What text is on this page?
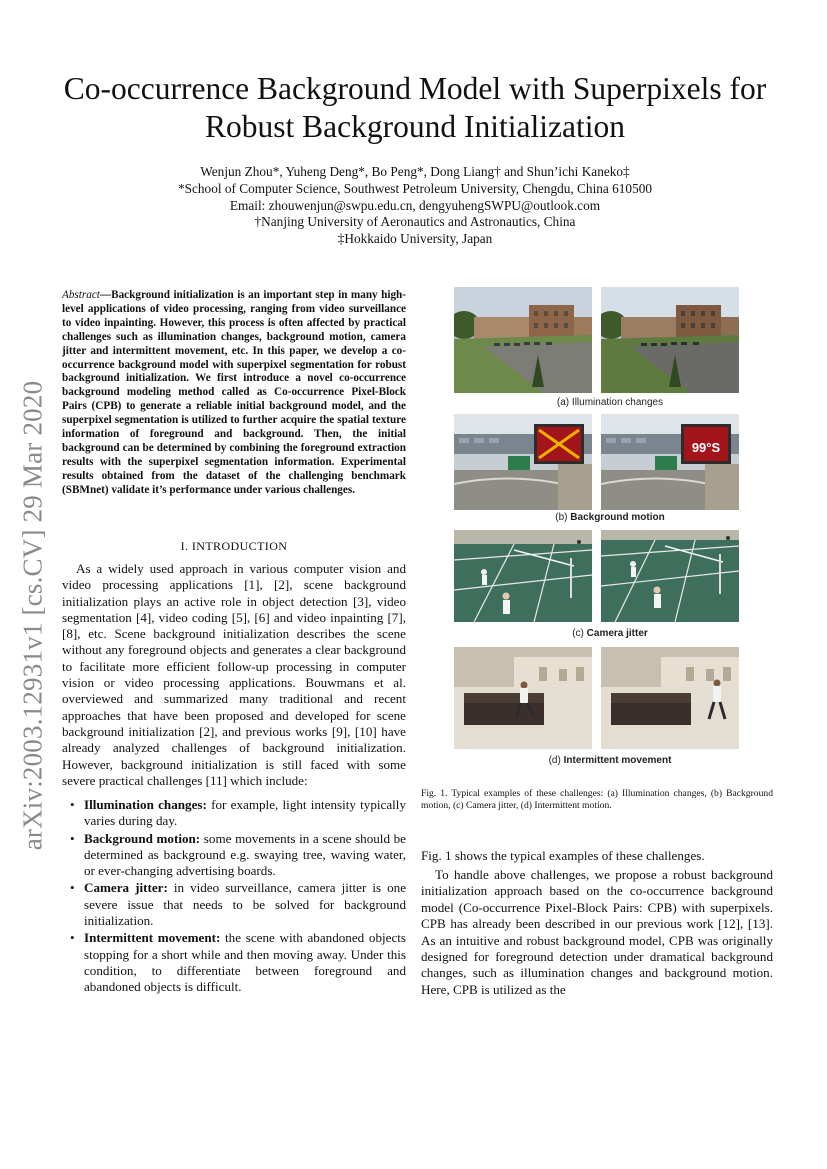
arXiv:2003.12931v1 [cs.CV] 29 Mar 2020
Co-occurrence Background Model with Superpixels for Robust Background Initialization
Wenjun Zhou*, Yuheng Deng*, Bo Peng*, Dong Liang† and Shun’ichi Kaneko‡
*School of Computer Science, Southwest Petroleum University, Chengdu, China 610500
Email: zhouwenjun@swpu.edu.cn, dengyuhengSWPU@outlook.com
†Nanjing University of Aeronautics and Astronautics, China
‡Hokkaido University, Japan
Abstract—Background initialization is an important step in many high-level applications of video processing, ranging from video surveillance to video inpainting. However, this process is often affected by practical challenges such as illumination changes, background motion, camera jitter and intermittent movement, etc. In this paper, we develop a co-occurrence background model with superpixel segmentation for robust background initialization. We first introduce a novel co-occurrence background modeling method called as Co-occurrence Pixel-Block Pairs (CPB) to generate a reliable initial background model, and the superpixel segmentation is utilized to further acquire the spatial texture information of foreground and background. Then, the initial background can be determined by combining the foreground extraction results with the superpixel segmentation information. Experimental results obtained from the dataset of the challenging benchmark (SBMnet) validate it’s performance under various challenges.
I. INTRODUCTION
As a widely used approach in various computer vision and video processing applications [1], [2], scene background initialization plays an active role in object detection [3], video segmentation [4], video coding [5], [6] and video inpainting [7], [8], etc. Scene background initialization describes the scene without any foreground objects and generates a clear background to facilitate more efficient follow-up processing in computer vision or video processing applications. Bouwmans et al. overviewed and summarized many traditional and recent approaches that have been proposed and developed for scene background initialization [2], and previous works [9], [10] have already analyzed challenges of background initialization. However, background initialization is still faced with some severe practical challenges [11] which include:
• Illumination changes: for example, light intensity typically varies during day.
• Background motion: some movements in a scene should be determined as background e.g. swaying tree, waving water, or ever-changing advertising boards.
• Camera jitter: in video surveillance, camera jitter is one severe issue that needs to be solved for background initialization.
• Intermittent movement: the scene with abandoned objects stopping for a short while and then moving away. Under this condition, to differentiate between foreground and abandoned objects is difficult.
(a) Illumination changes
99°S
(b) Background motion
(c) Camera jitter
(d) Intermittent movement
Fig. 1. Typical examples of these challenges: (a) Illumination changes, (b) Background motion, (c) Camera jitter, (d) Intermittent motion.
Fig. 1 shows the typical examples of these challenges.
To handle above challenges, we propose a robust background initialization approach based on the co-occurrence background model (Co-occurrence Pixel-Block Pairs: CPB) with superpixels. CPB has already been described in our previous work [12], [13]. As an intuitive and robust background model, CPB was originally designed for foreground detection under dramatical background changes, such as illumination changes and background motion. Here, CPB is utilized as the
